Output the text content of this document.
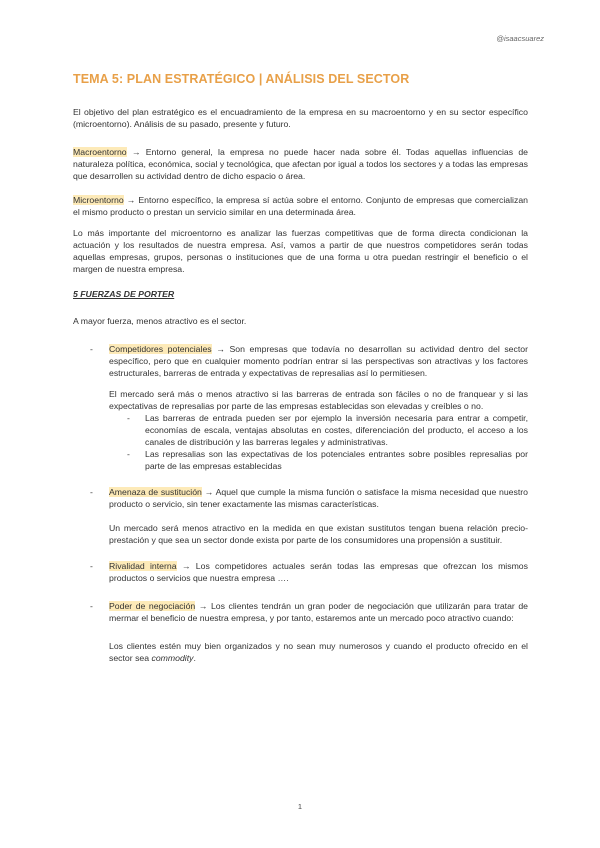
@isaacsuarez
TEMA 5: PLAN ESTRATÉGICO | ANÁLISIS DEL SECTOR

El objetivo del plan estratégico es el encuadramiento de la empresa en su macroentorno y en su sector específico (microentorno). Análisis de su pasado, presente y futuro.

Macroentorno → Entorno general, la empresa no puede hacer nada sobre él. Todas aquellas influencias de naturaleza política, económica, social y tecnológica, que afectan por igual a todos los sectores y a todas las empresas que desarrollen su actividad dentro de dicho espacio o área.

Microentorno → Entorno específico, la empresa sí actúa sobre el entorno. Conjunto de empresas que comercializan el mismo producto o prestan un servicio similar en una determinada área.

Lo más importante del microentorno es analizar las fuerzas competitivas que de forma directa condicionan la actuación y los resultados de nuestra empresa. Así, vamos a partir de que nuestros competidores serán todas aquellas empresas, grupos, personas o instituciones que de una forma u otra puedan restringir el beneficio o el margen de nuestra empresa.

5 FUERZAS DE PORTER

A mayor fuerza, menos atractivo es el sector.

-	Competidores potenciales → Son empresas que todavía no desarrollan su actividad dentro del sector específico, pero que en cualquier momento podrían entrar si las perspectivas son atractivas y los factores estructurales, barreras de entrada y expectativas de represalias así lo permitiesen.

El mercado será más o menos atractivo si las barreras de entrada son fáciles o no de franquear y si las expectativas de represalias por parte de las empresas establecidas son elevadas y creíbles o no.

-	Las barreras de entrada pueden ser por ejemplo la inversión necesaria para entrar a competir, economías de escala, ventajas absolutas en costes, diferenciación del producto, el acceso a los canales de distribución y las barreras legales y administrativas.

-	Las represalias son las expectativas de los potenciales entrantes sobre posibles represalias por parte de las empresas establecidas

-	Amenaza de sustitución → Aquel que cumple la misma función o satisface la misma necesidad que nuestro producto o servicio, sin tener exactamente las mismas características.

Un mercado será menos atractivo en la medida en que existan sustitutos tengan buena relación precio-prestación y que sea un sector donde exista por parte de los consumidores una propensión a sustituir.

-	Rivalidad interna → Los competidores actuales serán todas las empresas que ofrezcan los mismos productos o servicios que nuestra empresa ….

-	Poder de negociación → Los clientes tendrán un gran poder de negociación que utilizarán para tratar de mermar el beneficio de nuestra empresa, y por tanto, estaremos ante un mercado poco atractivo cuando:

Los clientes estén muy bien organizados y no sean muy numerosos y cuando el producto ofrecido en el sector sea commodity.

1
